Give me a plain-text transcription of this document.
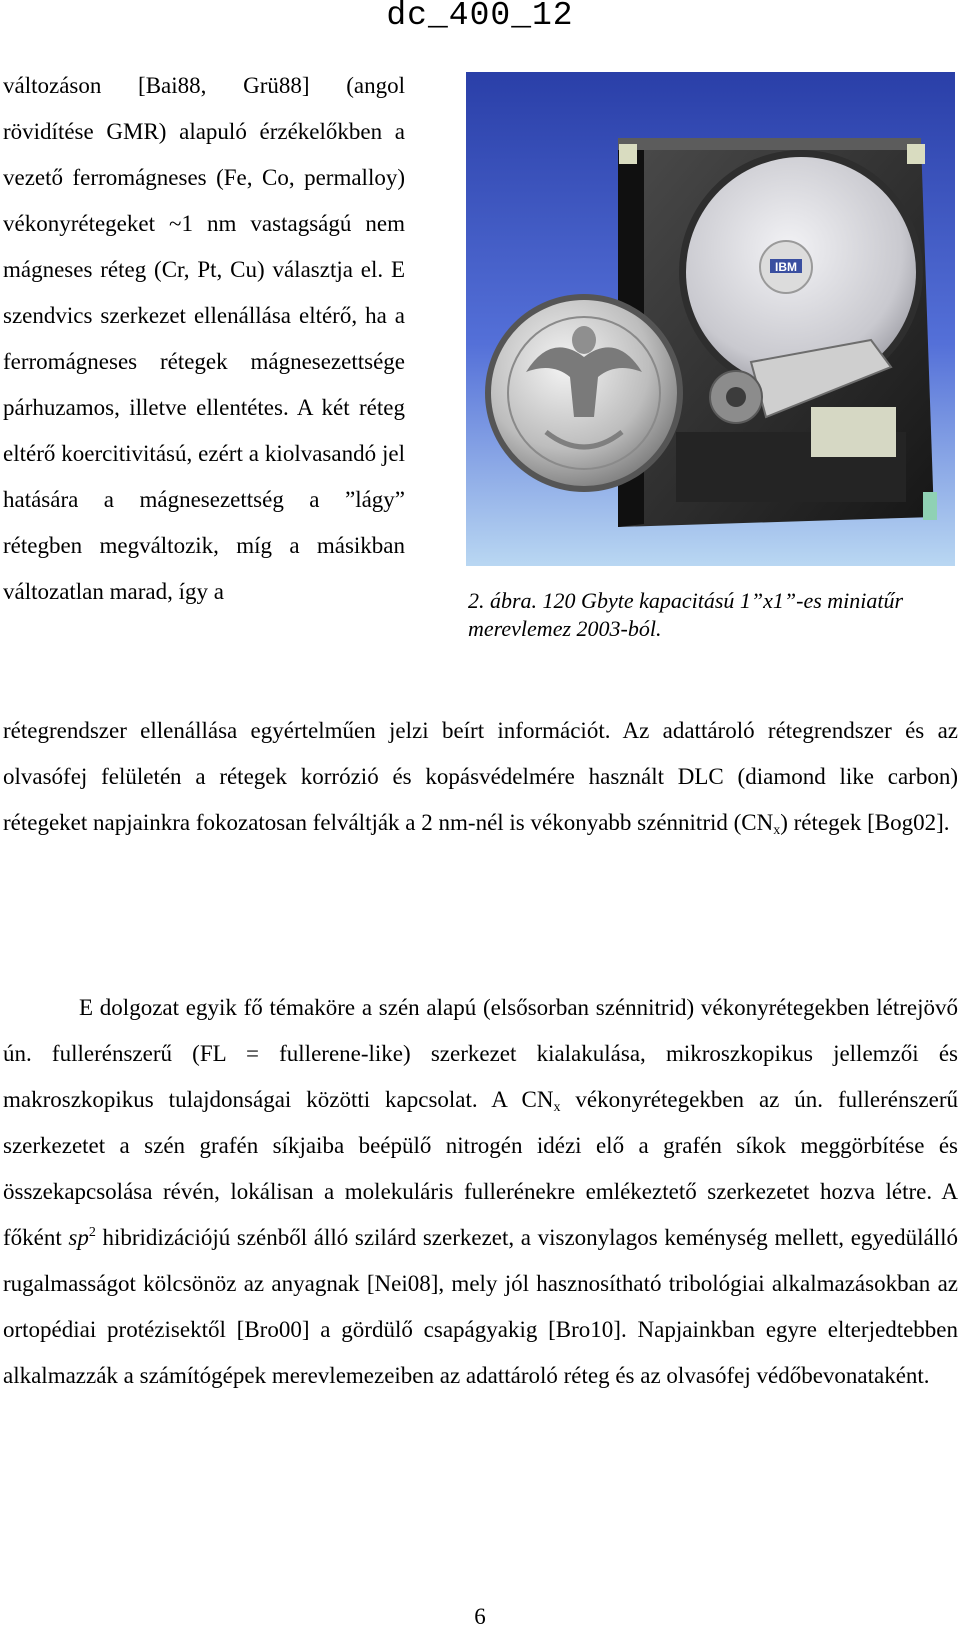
dc_400_12
változáson [Bai88, Grü88] (angol rövidítése GMR) alapuló érzékelőkben a vezető ferromágneses (Fe, Co, permalloy) vékonyrétegeket ~1 nm vastagságú nem mágneses réteg (Cr, Pt, Cu) választja el. E szendvics szerkezet ellenállása eltérő, ha a ferromágneses rétegek mágnesezettsége párhuzamos, illetve ellentétes. A két réteg eltérő koercitivitású, ezért a kiolvasandó jel hatására a mágnesezettség a ”lágy” rétegben megváltozik, míg a másikban változatlan marad, így a
IBM
2. ábra. 120 Gbyte kapacitású 1”x1”-es miniatűr merevlemez 2003-ból.
rétegrendszer ellenállása egyértelműen jelzi beírt információt. Az adattároló rétegrendszer és az olvasófej felületén a rétegek korrózió és kopásvédelmére használt DLC (diamond like carbon) rétegeket napjainkra fokozatosan felváltják a 2 nm-nél is vékonyabb szénnitrid $(CN_x)$ rétegek [Bog02].
E dolgozat egyik fő témaköre a szén alapú (elsősorban szénnitrid) vékonyrétegekben létrejövő ún. fullerénszerű (FL = fullerene-like) szerkezet kialakulása, mikroszkopikus jellemzői és makroszkopikus tulajdonságai közötti kapcsolat. A $CN_x$ vékonyrétegekben az ún. fullerénszerű szerkezetet a szén grafén síkjaiba beépülő nitrogén idézi elő a grafén síkok meggörbítése és összekapcsolása révén, lokálisan a molekuláris fullerénekre emlékeztető szerkezetet hozva létre. A főként $sp^2$ hibridizációjú szénből álló szilárd szerkezet, a viszonylagos keménység mellett, egyedülálló rugalmasságot kölcsönöz az anyagnak [Nei08], mely jól hasznosítható tribológiai alkalmazásokban az ortopédiai protézisektől [Bro00] a gördülő csapágyakig [Bro10]. Napjainkban egyre elterjedtebben alkalmazzák a számítógépek merevlemezeiben az adattároló réteg és az olvasófej védőbevonataként.
6
